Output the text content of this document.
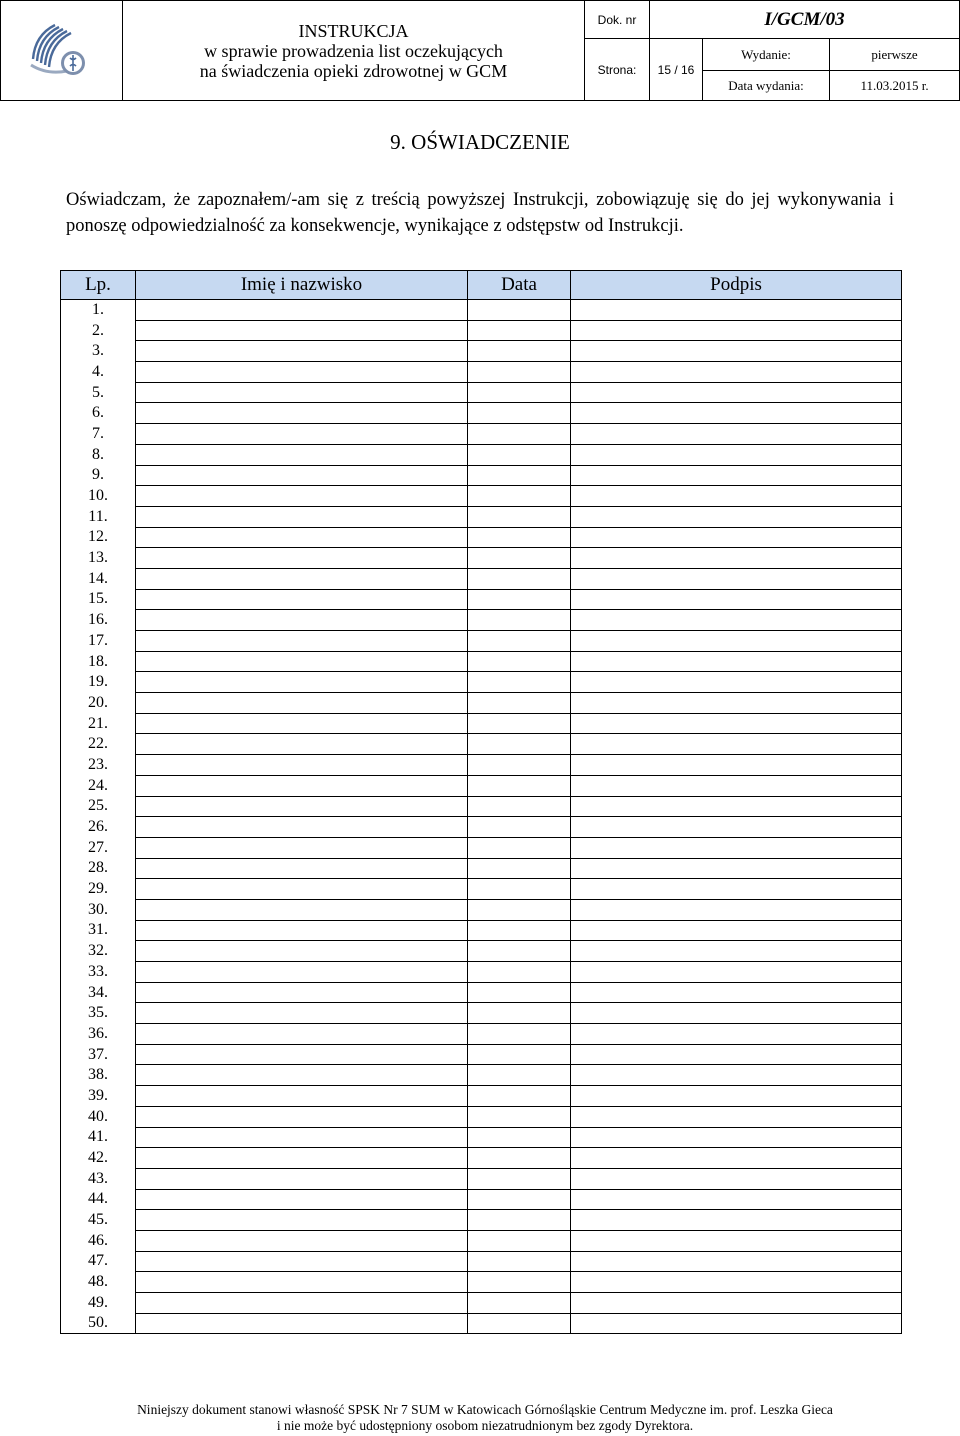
INSTRUKCJA
w sprawie prowadzenia list oczekujących
na świadczenia opieki zdrowotnej w GCM	Dok. nr	I/GCM/03		
		Strona:	15 / 16	Wydanie:	pierwsze
				Data wydania:	11.03.2015 r.
9. OŚWIADCZENIE

Oświadczam, że zapoznałem/-am się z treścią powyższej Instrukcji, zobowiązuję się do jej wykonywania i ponoszę odpowiedzialność za konsekwencje, wynikające z odstępstw od Instrukcji.

Lp.	Imię i nazwisko	Data	Podpis
1.			
2.			
3.			
4.			
5.			
6.			
7.			
8.			
9.			
10.			
11.			
12.			
13.			
14.			
15.			
16.			
17.			
18.			
19.			
20.			
21.			
22.			
23.			
24.			
25.			
26.			
27.			
28.			
29.			
30.			
31.			
32.			
33.			
34.			
35.			
36.			
37.			
38.			
39.			
40.			
41.			
42.			
43.			
44.			
45.			
46.			
47.			
48.			
49.			
50.			
Niniejszy dokument stanowi własność SPSK Nr 7 SUM w Katowicach Górnośląskie Centrum Medyczne im. prof. Leszka Gieca
i nie może być udostępniony osobom niezatrudnionym bez zgody Dyrektora.
